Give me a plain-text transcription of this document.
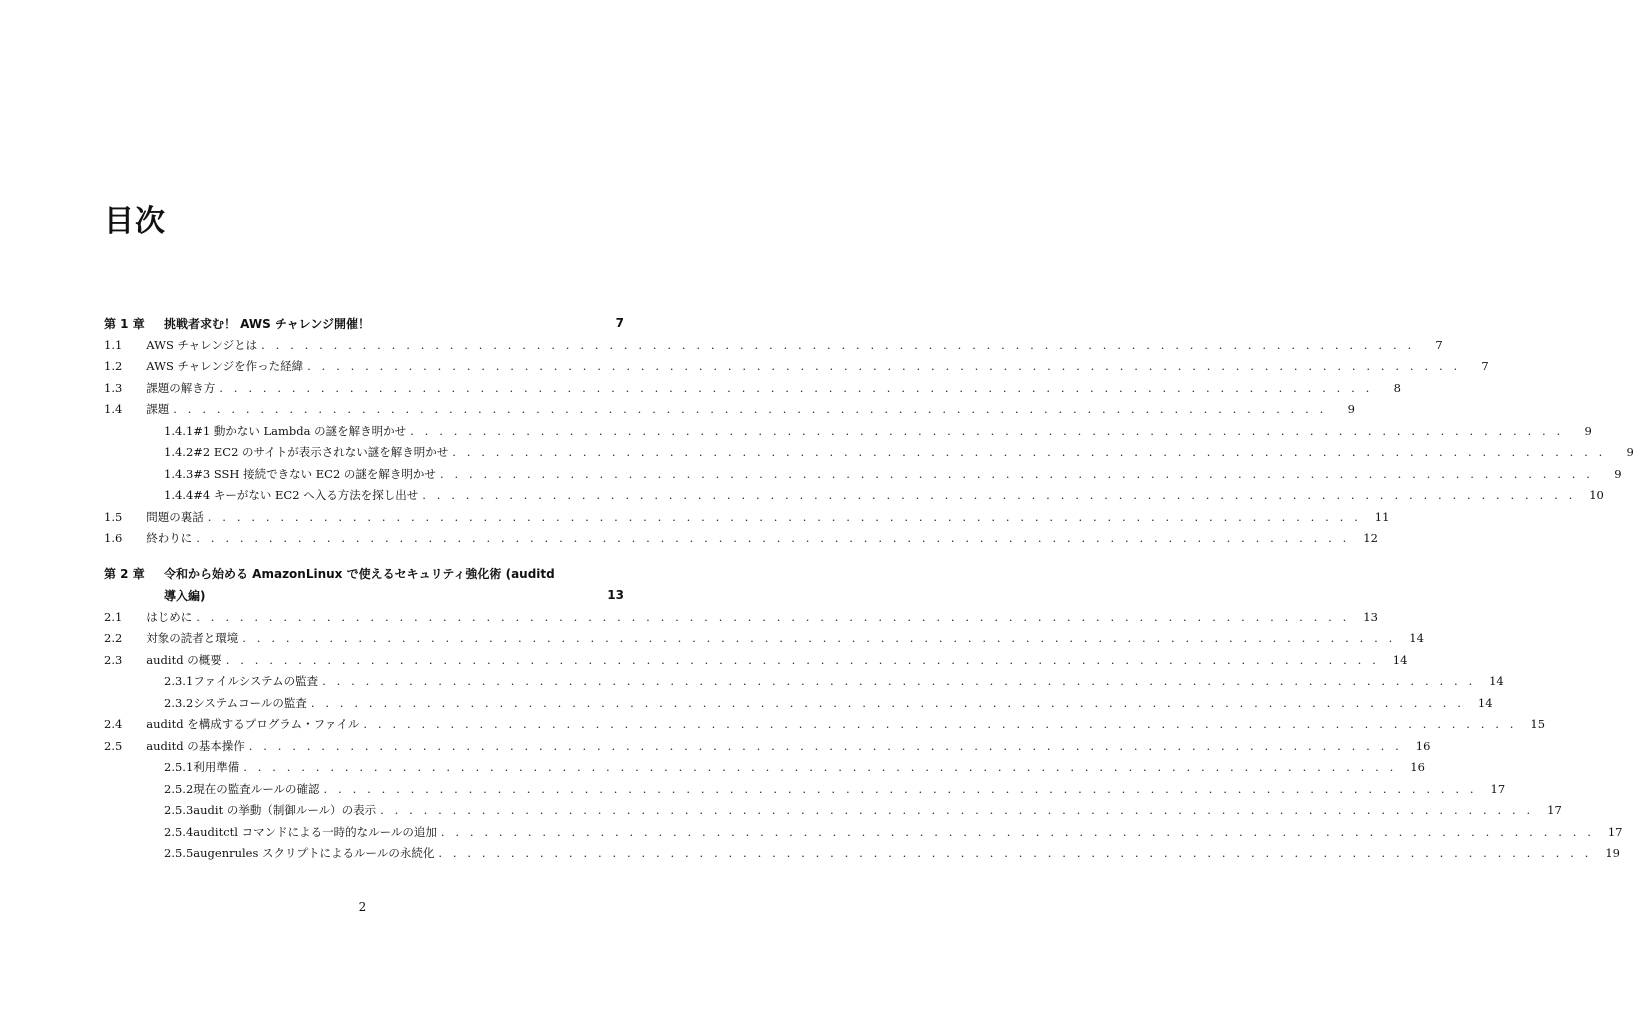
目次
第 1 章	挑戦者求む！ AWS チャレンジ開催！	7
1.1 AWS チャレンジとは . . . . . . . . . . . . . . . . . . . . . . . . . . . . . . . . . . . . . . . . . . . . . . . . . . . . . . . . . . . . . . . . . . . . . . . . . . . . . . . .	7
1.2 AWS チャレンジを作った経緯 . . . . . . . . . . . . . . . . . . . . . . . . . . . . . . . . . . . . . . . . . . . . . . . . . . . . . . . . . . . . . . . . . . . . . . . . . . . . . . . .	7
1.3 課題の解き方 . . . . . . . . . . . . . . . . . . . . . . . . . . . . . . . . . . . . . . . . . . . . . . . . . . . . . . . . . . . . . . . . . . . . . . . . . . . . . . . .	8
1.4 課題 . . . . . . . . . . . . . . . . . . . . . . . . . . . . . . . . . . . . . . . . . . . . . . . . . . . . . . . . . . . . . . . . . . . . . . . . . . . . . . . .	9
1.4.1 #1 動かない Lambda の謎を解き明かせ . . . . . . . . . . . . . . . . . . . . . . . . . . . . . . . . . . . . . . . . . . . . . . . . . . . . . . . . . . . . . . . . . . . . . . . . . . . . . . . .	9
1.4.2 #2 EC2 のサイトが表示されない謎を解き明かせ . . . . . . . . . . . . . . . . . . . . . . . . . . . . . . . . . . . . . . . . . . . . . . . . . . . . . . . . . . . . . . . . . . . . . . . . . . . . . . . .	9
1.4.3 #3 SSH 接続できない EC2 の謎を解き明かせ . . . . . . . . . . . . . . . . . . . . . . . . . . . . . . . . . . . . . . . . . . . . . . . . . . . . . . . . . . . . . . . . . . . . . . . . . . . . . . . .	9
1.4.4 #4 キーがない EC2 へ入る方法を探し出せ . . . . . . . . . . . . . . . . . . . . . . . . . . . . . . . . . . . . . . . . . . . . . . . . . . . . . . . . . . . . . . . . . . . . . . . . . . . . . . . .	10
1.5 問題の裏話 . . . . . . . . . . . . . . . . . . . . . . . . . . . . . . . . . . . . . . . . . . . . . . . . . . . . . . . . . . . . . . . . . . . . . . . . . . . . . . . .	11
1.6 終わりに . . . . . . . . . . . . . . . . . . . . . . . . . . . . . . . . . . . . . . . . . . . . . . . . . . . . . . . . . . . . . . . . . . . . . . . . . . . . . . . .	12
第 2 章	令和から始める AmazonLinux で使えるセキュリティ強化術 (auditd
導入編)	13
2.1 はじめに . . . . . . . . . . . . . . . . . . . . . . . . . . . . . . . . . . . . . . . . . . . . . . . . . . . . . . . . . . . . . . . . . . . . . . . . . . . . . . . .	13
2.2 対象の読者と環境 . . . . . . . . . . . . . . . . . . . . . . . . . . . . . . . . . . . . . . . . . . . . . . . . . . . . . . . . . . . . . . . . . . . . . . . . . . . . . . . .	14
2.3 auditd の概要 . . . . . . . . . . . . . . . . . . . . . . . . . . . . . . . . . . . . . . . . . . . . . . . . . . . . . . . . . . . . . . . . . . . . . . . . . . . . . . . .	14
2.3.1 ファイルシステムの監査 . . . . . . . . . . . . . . . . . . . . . . . . . . . . . . . . . . . . . . . . . . . . . . . . . . . . . . . . . . . . . . . . . . . . . . . . . . . . . . . .	14
2.3.2 システムコールの監査 . . . . . . . . . . . . . . . . . . . . . . . . . . . . . . . . . . . . . . . . . . . . . . . . . . . . . . . . . . . . . . . . . . . . . . . . . . . . . . . .	14
2.4 auditd を構成するプログラム・ファイル . . . . . . . . . . . . . . . . . . . . . . . . . . . . . . . . . . . . . . . . . . . . . . . . . . . . . . . . . . . . . . . . . . . . . . . . . . . . . . . .	15
2.5 auditd の基本操作 . . . . . . . . . . . . . . . . . . . . . . . . . . . . . . . . . . . . . . . . . . . . . . . . . . . . . . . . . . . . . . . . . . . . . . . . . . . . . . . .	16
2.5.1 利用準備 . . . . . . . . . . . . . . . . . . . . . . . . . . . . . . . . . . . . . . . . . . . . . . . . . . . . . . . . . . . . . . . . . . . . . . . . . . . . . . . .	16
2.5.2 現在の監査ルールの確認 . . . . . . . . . . . . . . . . . . . . . . . . . . . . . . . . . . . . . . . . . . . . . . . . . . . . . . . . . . . . . . . . . . . . . . . . . . . . . . . .	17
2.5.3 audit の挙動（制御ルール）の表示 . . . . . . . . . . . . . . . . . . . . . . . . . . . . . . . . . . . . . . . . . . . . . . . . . . . . . . . . . . . . . . . . . . . . . . . . . . . . . . . .	17
2.5.4 auditctl コマンドによる一時的なルールの追加 . . . . . . . . . . . . . . . . . . . . . . . . . . . . . . . . . . . . . . . . . . . . . . . . . . . . . . . . . . . . . . . . . . . . . . . . . . . . . . . .	17
2.5.5 augenrules スクリプトによるルールの永続化 . . . . . . . . . . . . . . . . . . . . . . . . . . . . . . . . . . . . . . . . . . . . . . . . . . . . . . . . . . . . . . . . . . . . . . . . . . . . . . . .	19
2
